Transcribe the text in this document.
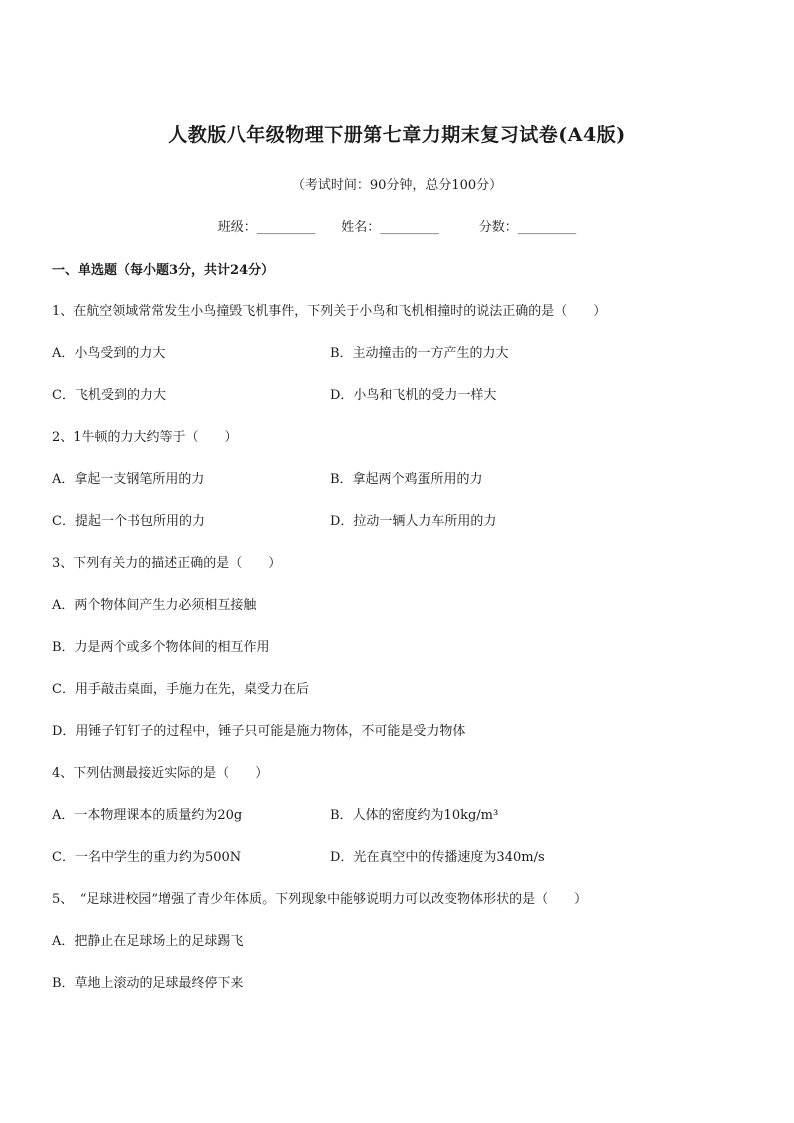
人教版八年级物理下册第七章力期末复习试卷(A4版)
（考试时间：90分钟，总分100分）
班级：_________ 姓名：_________	分数：_________
一、单选题（每小题3分，共计24分）
1、在航空领域常常发生小鸟撞毁飞机事件，下列关于小鸟和飞机相撞时的说法正确的是（　　）
A．小鸟受到的力大	B．主动撞击的一方产生的力大
C．飞机受到的力大	D．小鸟和飞机的受力一样大
2、1牛顿的力大约等于（　　）
A．拿起一支钢笔所用的力	B．拿起两个鸡蛋所用的力
C．提起一个书包所用的力	D．拉动一辆人力车所用的力
3、下列有关力的描述正确的是（　　）
A．两个物体间产生力必须相互接触
B．力是两个或多个物体间的相互作用
C．用手敲击桌面，手施力在先，桌受力在后
D．用锤子钉钉子的过程中，锤子只可能是施力物体，不可能是受力物体
4、下列估测最接近实际的是（　　）
A．一本物理课本的质量约为20g	B．人体的密度约为10kg/m³
C．一名中学生的重力约为500N	D．光在真空中的传播速度为340m/s
5、　“足球进校园”增强了青少年体质。下列现象中能够说明力可以改变物体形状的是（　　）
A．把静止在足球场上的足球踢飞
B．草地上滚动的足球最终停下来
